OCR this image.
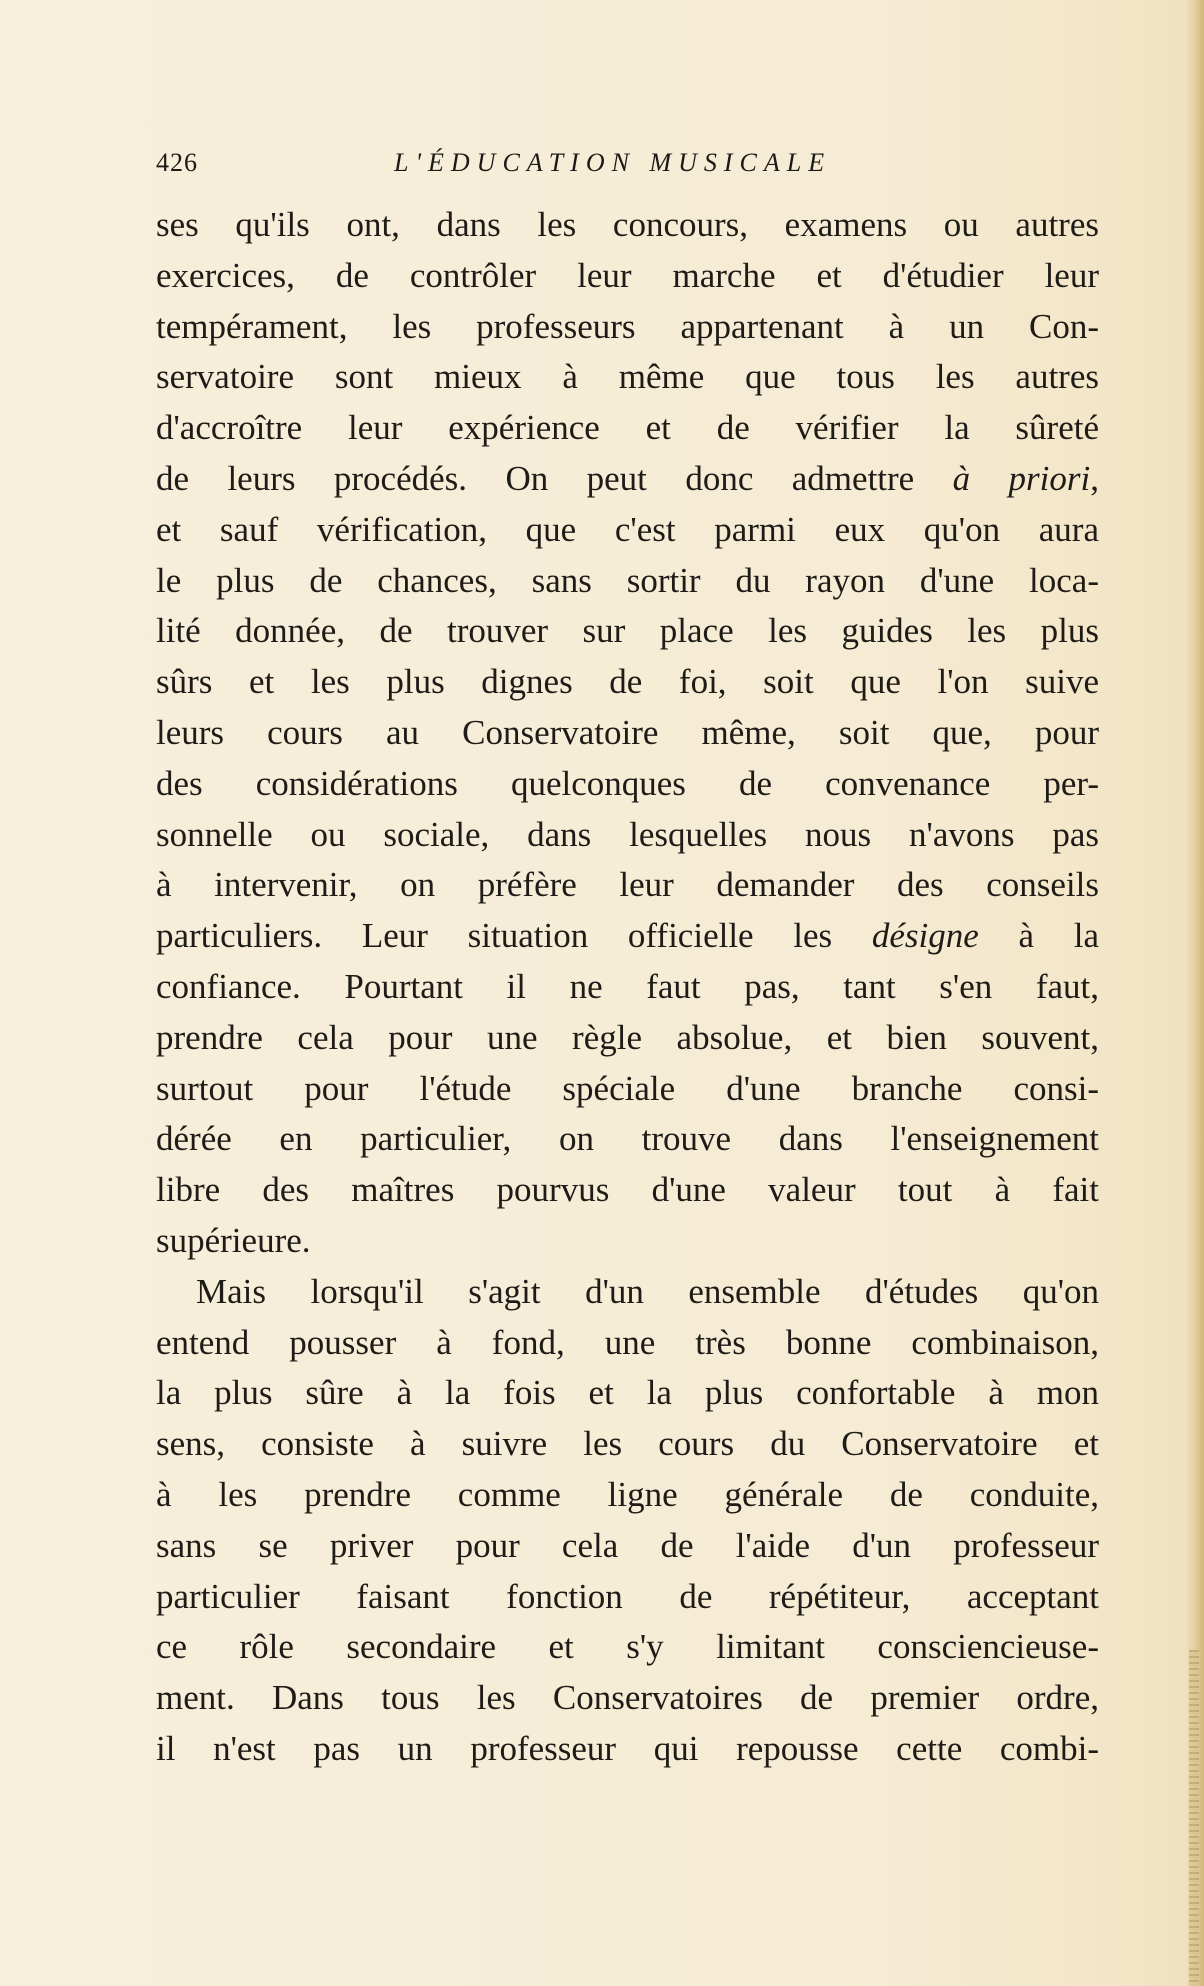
426	L'ÉDUCATION MUSICALE
ses qu'ils ont, dans les concours, examens ou autres
exercices, de contrôler leur marche et d'étudier leur
tempérament, les professeurs appartenant à un Con-
servatoire sont mieux à même que tous les autres
d'accroître leur expérience et de vérifier la sûreté
de leurs procédés. On peut donc admettre à priori,
et sauf vérification, que c'est parmi eux qu'on aura
le plus de chances, sans sortir du rayon d'une loca-
lité donnée, de trouver sur place les guides les plus
sûrs et les plus dignes de foi, soit que l'on suive
leurs cours au Conservatoire même, soit que, pour
des considérations quelconques de convenance per-
sonnelle ou sociale, dans lesquelles nous n'avons pas
à intervenir, on préfère leur demander des conseils
particuliers. Leur situation officielle les désigne à la
confiance. Pourtant il ne faut pas, tant s'en faut,
prendre cela pour une règle absolue, et bien souvent,
surtout pour l'étude spéciale d'une branche consi-
dérée en particulier, on trouve dans l'enseignement
libre des maîtres pourvus d'une valeur tout à fait
supérieure.
Mais lorsqu'il s'agit d'un ensemble d'études qu'on
entend pousser à fond, une très bonne combinaison,
la plus sûre à la fois et la plus confortable à mon
sens, consiste à suivre les cours du Conservatoire et
à les prendre comme ligne générale de conduite,
sans se priver pour cela de l'aide d'un professeur
particulier faisant fonction de répétiteur, acceptant
ce rôle secondaire et s'y limitant consciencieuse-
ment. Dans tous les Conservatoires de premier ordre,
il n'est pas un professeur qui repousse cette combi-
